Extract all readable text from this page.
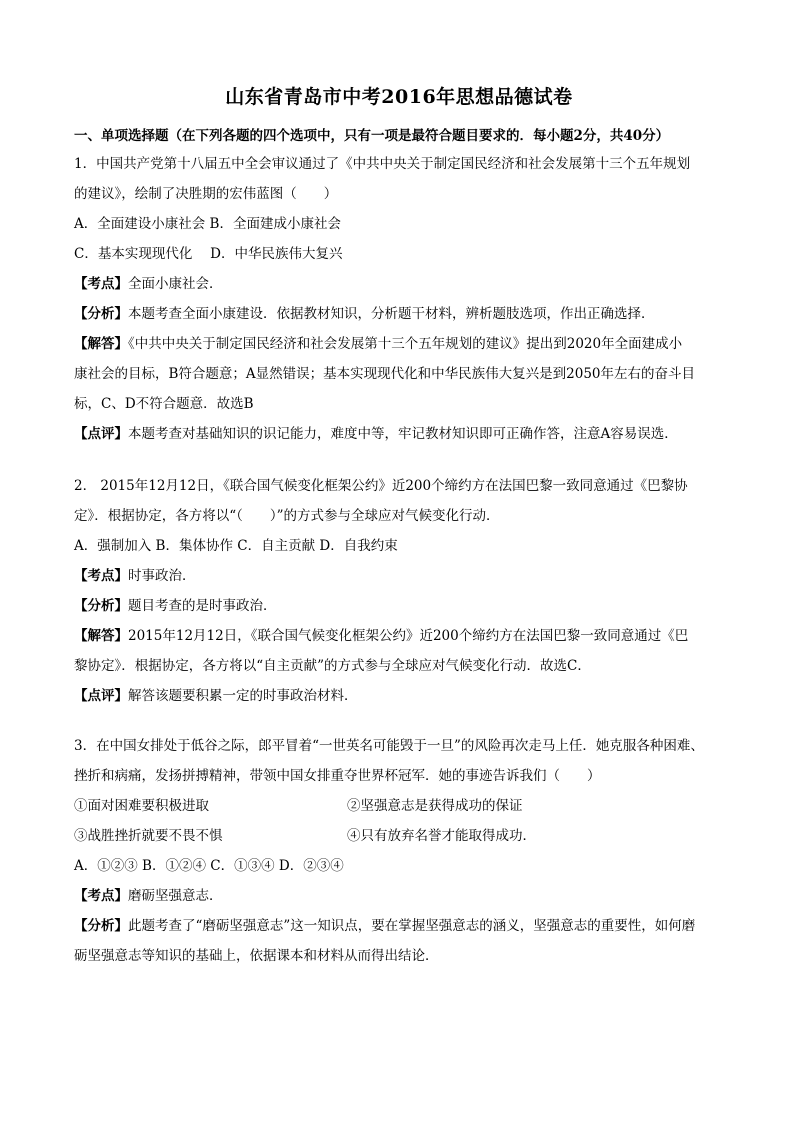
山东省青岛市中考2016年思想品德试卷

一、单项选择题（在下列各题的四个选项中，只有一项是最符合题目要求的．每小题2分，共40分）

1．中国共产党第十八届五中全会审议通过了《中共中央关于制定国民经济和社会发展第十三个五年规划

的建议》，绘制了决胜期的宏伟蓝图（　　）

A．全面建设小康社会 B．全面建成小康社会

C．基本实现现代化　 D．中华民族伟大复兴

【考点】全面小康社会．

【分析】本题考查全面小康建设．依据教材知识，分析题干材料，辨析题肢选项，作出正确选择．

【解答】《中共中央关于制定国民经济和社会发展第十三个五年规划的建议》提出到2020年全面建成小

康社会的目标，B符合题意；A显然错误；基本实现现代化和中华民族伟大复兴是到2050年左右的奋斗目

标，C、D不符合题意．故选B

【点评】本题考查对基础知识的识记能力，难度中等，牢记教材知识即可正确作答，注意A容易误选．

2． 2015年12月12日，《联合国气候变化框架公约》近200个缔约方在法国巴黎一致同意通过《巴黎协

定》．根据协定，各方将以“（　　）”的方式参与全球应对气候变化行动．

A．强制加入 B．集体协作 C．自主贡献 D．自我约束

【考点】时事政治．

【分析】题目考查的是时事政治．

【解答】2015年12月12日，《联合国气候变化框架公约》近200个缔约方在法国巴黎一致同意通过《巴

黎协定》．根据协定，各方将以“自主贡献”的方式参与全球应对气候变化行动．故选C．

【点评】解答该题要积累一定的时事政治材料．

3．在中国女排处于低谷之际，郎平冒着“一世英名可能毁于一旦”的风险再次走马上任．她克服各种困难、

挫折和病痛，发扬拼搏精神，带领中国女排重夺世界杯冠军．她的事迹告诉我们（　　）

①面对困难要积极进取	②坚强意志是获得成功的保证
③战胜挫折就要不畏不惧	④只有放弃名誉才能取得成功．

A．①②③ B．①②④ C．①③④ D．②③④

【考点】磨砺坚强意志．

【分析】此题考查了“磨砺坚强意志”这一知识点，要在掌握坚强意志的涵义，坚强意志的重要性，如何磨

砺坚强意志等知识的基础上，依据课本和材料从而得出结论．
